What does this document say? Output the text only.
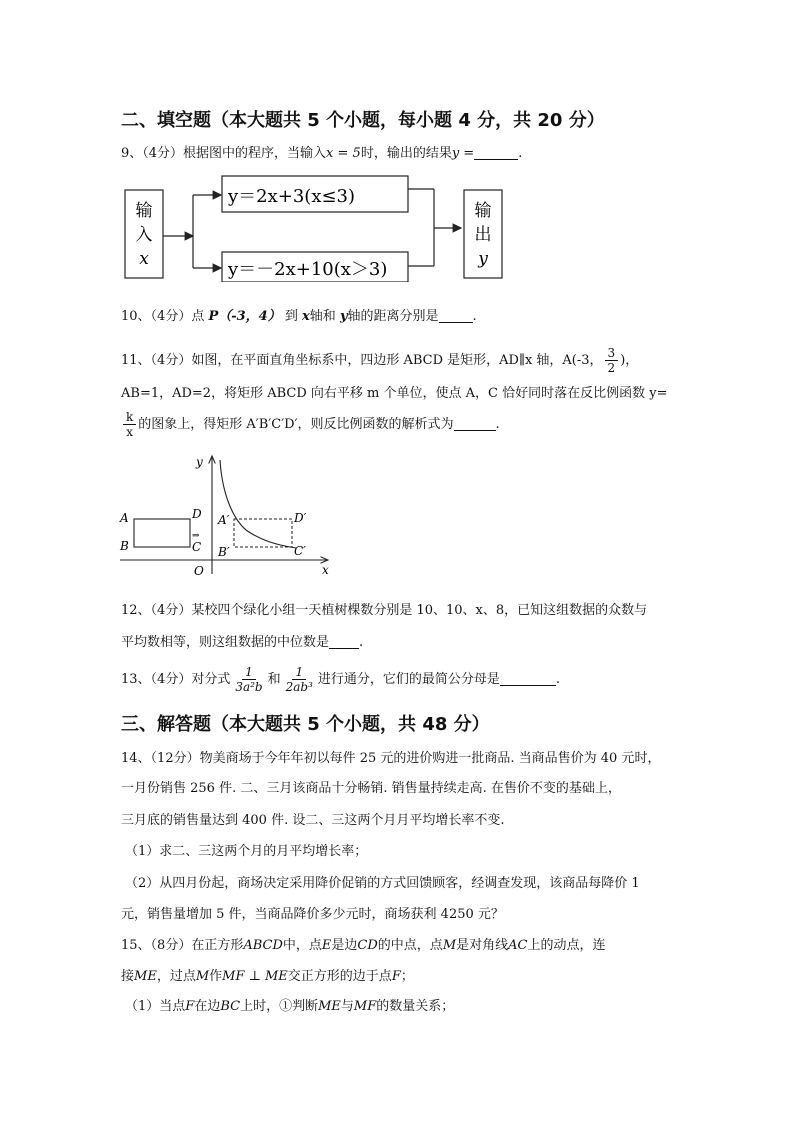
二、填空题（本大题共 5 个小题，每小题 4 分，共 20 分）
9、（4分）根据图中的程序，当输入x = 5时，输出的结果y =	.
输
入
x
y＝2x+3(x≤3)
y＝－2x+10(x＞3)
输
出
y
10、（4分）点 P（-3，4） 到 x轴和 y轴的距离分别是	.
11、（4分）如图，在平面直角坐标系中，四边形 ABCD 是矩形，AD∥x 轴，A(-3， $\frac{3}{2}$ )，
AB=1，AD=2，将矩形 ABCD 向右平移 m 个单位，使点 A，C 恰好同时落在反比例函数 y=
$\frac{k}{x}$ 的图象上，得矩形 A′B′C′D′，则反比例函数的解析式为	.
x
y
O
A
B
D
C
⇒
A′
B′
D′
C′
12、（4分）某校四个绿化小组一天植树棵数分别是 10、10、x、8，已知这组数据的众数与
平均数相等，则这组数据的中位数是 .
13、（4分）对分式 $\frac{1}{\text{3a²b}}$ 和 $\frac{1}{\text{2ab³}}$ 进行通分，它们的最简公分母是	.
三、解答题（本大题共 5 个小题，共 48 分）
14、（12分）物美商场于今年年初以每件 25 元的进价购进一批商品. 当商品售价为 40 元时，
一月份销售 256 件. 二、三月该商品十分畅销. 销售量持续走高. 在售价不变的基础上，
三月底的销售量达到 400 件. 设二、三这两个月月平均增长率不变.
（1）求二、三这两个月的月平均增长率；
（2）从四月份起，商场决定采用降价促销的方式回馈顾客，经调查发现，该商品每降价 1
元，销售量增加 5 件，当商品降价多少元时，商场获利 4250 元？
15、（8分）在正方形ABCD中，点E是边CD的中点，点M是对角线AC上的动点，连
接ME，过点M作MF ⊥ ME交正方形的边于点F；
（1）当点F在边BC上时，①判断ME与MF的数量关系；
